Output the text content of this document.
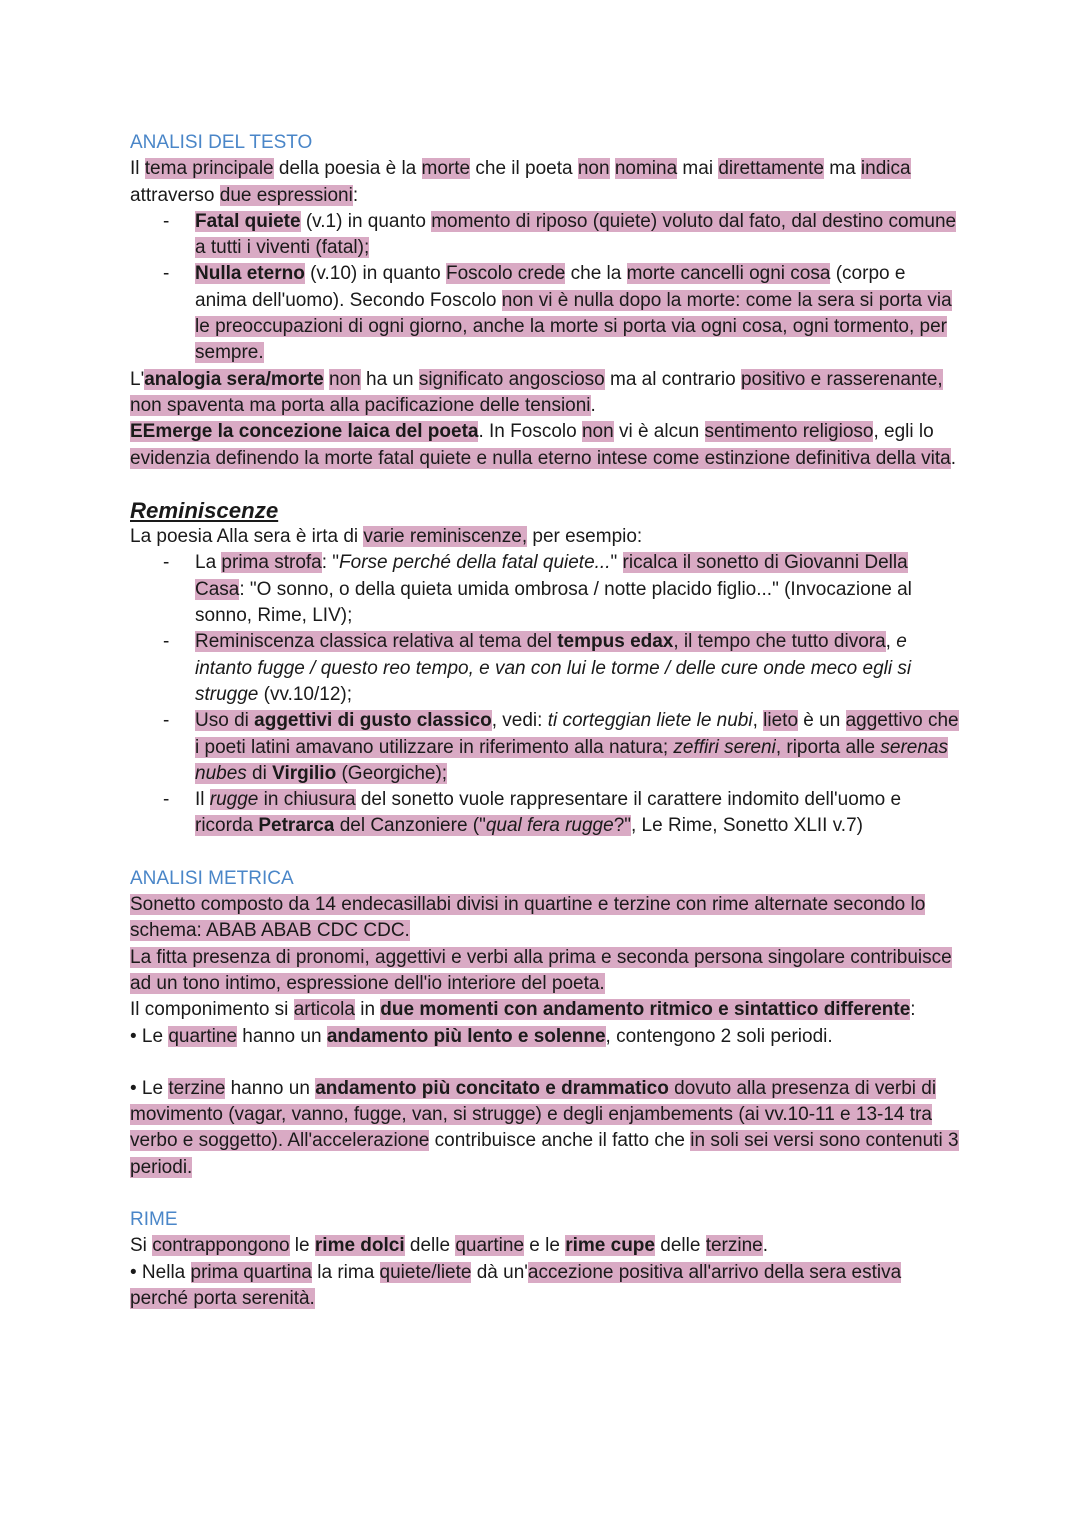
ANALISI DEL TESTO

Il tema principale della poesia è la morte che il poeta non nomina mai direttamente ma indica attraverso due espressioni:

- Fatal quiete (v.1) in quanto momento di riposo (quiete) voluto dal fato, dal destino comune a tutti i viventi (fatal);
- Nulla eterno (v.10) in quanto Foscolo crede che la morte cancelli ogni cosa (corpo e anima dell'uomo). Secondo Foscolo non vi è nulla dopo la morte: come la sera si porta via le preoccupazioni di ogni giorno, anche la morte si porta via ogni cosa, ogni tormento, per sempre.

L'analogia sera/morte non ha un significato angoscioso ma al contrario positivo e rasserenante, non spaventa ma porta alla pacificazione delle tensioni.

EEmerge la concezione laica del poeta. In Foscolo non vi è alcun sentimento religioso, egli lo evidenzia definendo la morte fatal quiete e nulla eterno intese come estinzione definitiva della vita.

Reminiscenze

La poesia Alla sera è irta di varie reminiscenze, per esempio:

- La prima strofa: "Forse perché della fatal quiete..." ricalca il sonetto di Giovanni Della Casa: "O sonno, o della quieta umida ombrosa / notte placido figlio..." (Invocazione al sonno, Rime, LIV);
- Reminiscenza classica relativa al tema del tempus edax, il tempo che tutto divora, e intanto fugge / questo reo tempo, e van con lui le torme / delle cure onde meco egli si strugge (vv.10/12);
- Uso di aggettivi di gusto classico, vedi: ti corteggian liete le nubi, lieto è un aggettivo che i poeti latini amavano utilizzare in riferimento alla natura; zeffiri sereni, riporta alle serenas nubes di Virgilio (Georgiche);
- Il rugge in chiusura del sonetto vuole rappresentare il carattere indomito dell'uomo e ricorda Petrarca del Canzoniere ("qual fera rugge?", Le Rime, Sonetto XLII v.7)
ANALISI METRICA

Sonetto composto da 14 endecasillabi divisi in quartine e terzine con rime alternate secondo lo schema: ABAB ABAB CDC CDC.

La fitta presenza di pronomi, aggettivi e verbi alla prima e seconda persona singolare contribuisce ad un tono intimo, espressione dell'io interiore del poeta.

Il componimento si articola in due momenti con andamento ritmico e sintattico differente:

• Le quartine hanno un andamento più lento e solenne, contengono 2 soli periodi.

• Le terzine hanno un andamento più concitato e drammatico dovuto alla presenza di verbi di movimento (vagar, vanno, fugge, van, si strugge) e degli enjambements (ai vv.10-11 e 13-14 tra verbo e soggetto). All'accelerazione contribuisce anche il fatto che in soli sei versi sono contenuti 3 periodi.

RIME

Si contrappongono le rime dolci delle quartine e le rime cupe delle terzine.

• Nella prima quartina la rima quiete/liete dà un'accezione positiva all'arrivo della sera estiva perché porta serenità.
